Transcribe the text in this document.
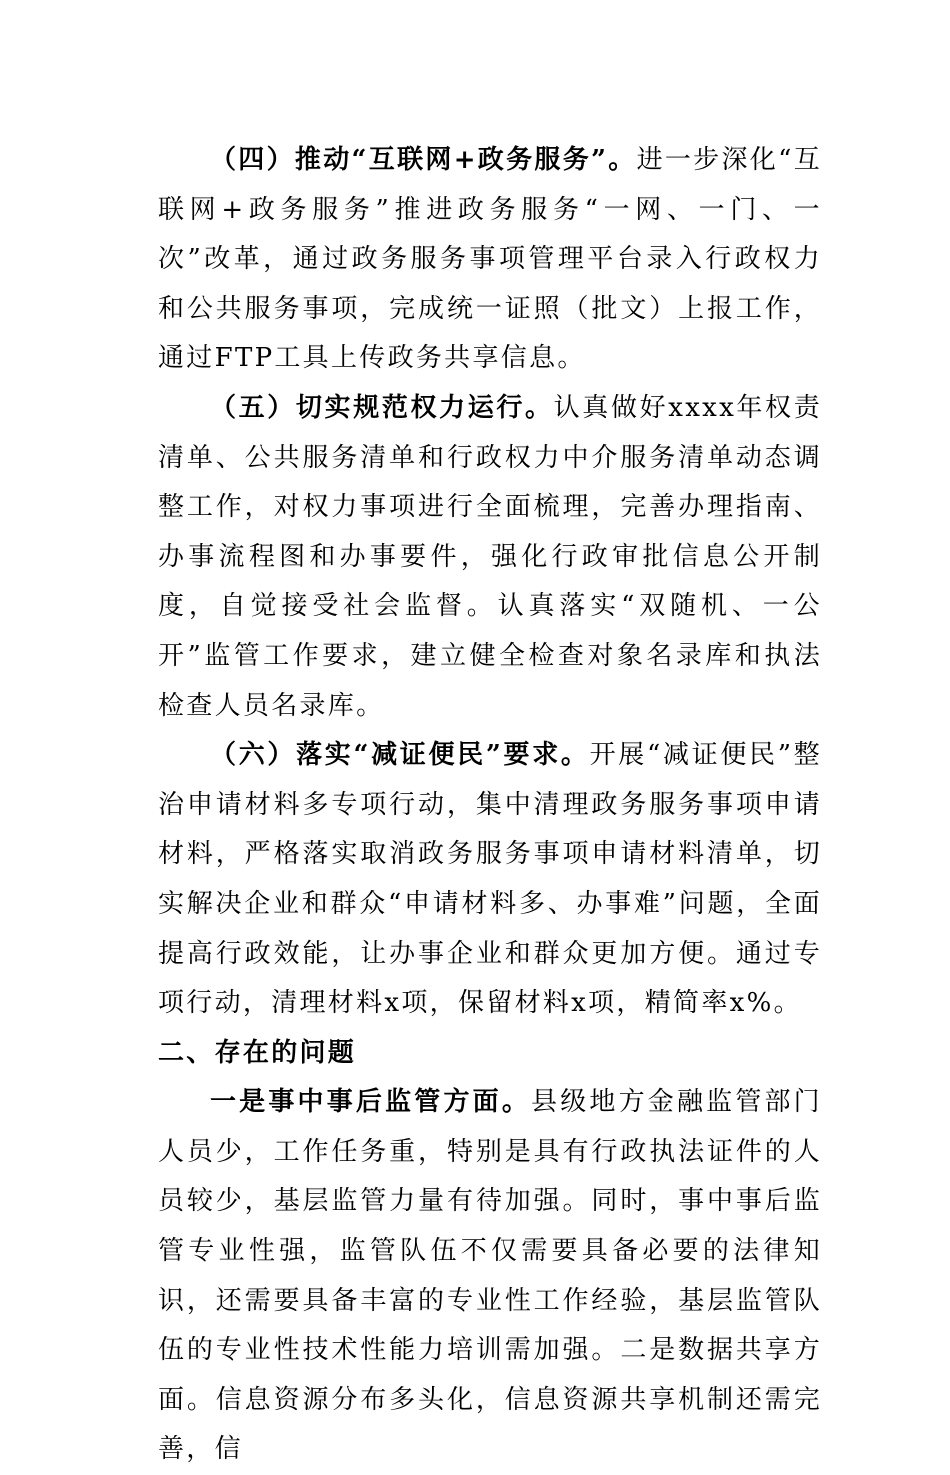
（四）推动“互联网+政务服务”。进一步深化“互联网+政务服务”推进政务服务“一网、一门、一次”改革，通过政务服务事项管理平台录入行政权力和公共服务事项，完成统一证照（批文）上报工作，通过FTP工具上传政务共享信息。

（五）切实规范权力运行。认真做好xxxx年权责清单、公共服务清单和行政权力中介服务清单动态调整工作，对权力事项进行全面梳理，完善办理指南、办事流程图和办事要件，强化行政审批信息公开制度，自觉接受社会监督。认真落实“双随机、一公开”监管工作要求，建立健全检查对象名录库和执法检查人员名录库。

（六）落实“减证便民”要求。开展“减证便民”整治申请材料多专项行动，集中清理政务服务事项申请材料，严格落实取消政务服务事项申请材料清单，切实解决企业和群众“申请材料多、办事难”问题，全面提高行政效能，让办事企业和群众更加方便。通过专项行动，清理材料x项，保留材料x项，精简率x%。

二、存在的问题

一是事中事后监管方面。县级地方金融监管部门人员少，工作任务重，特别是具有行政执法证件的人员较少，基层监管力量有待加强。同时，事中事后监管专业性强，监管队伍不仅需要具备必要的法律知识，还需要具备丰富的专业性工作经验，基层监管队伍的专业性技术性能力培训需加强。二是数据共享方面。信息资源分布多头化，信息资源共享机制还需完善，信
